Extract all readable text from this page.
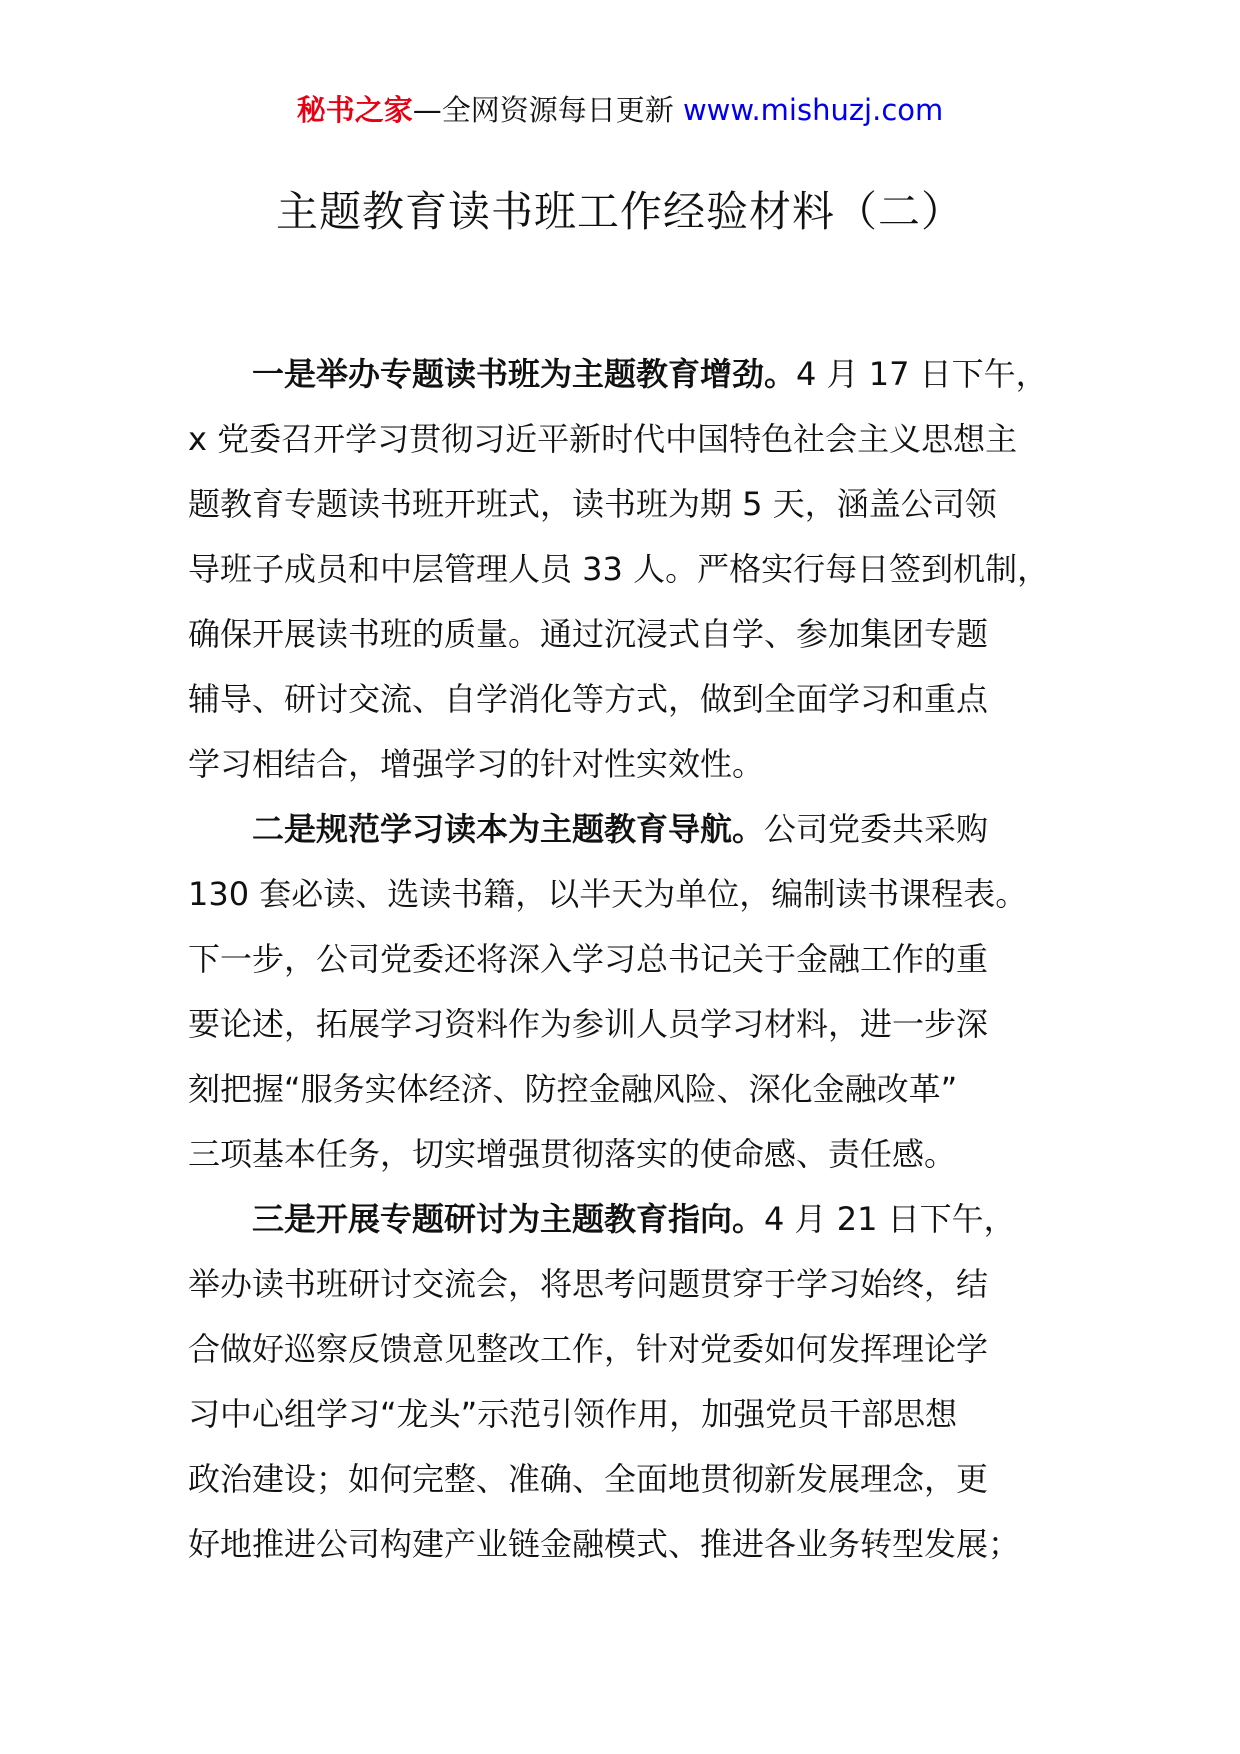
秘书之家—全网资源每日更新 www.mishuzj.com
主题教育读书班工作经验材料（二）
一是举办专题读书班为主题教育增劲。4 月 17 日下午，
x 党委召开学习贯彻习近平新时代中国特色社会主义思想主
题教育专题读书班开班式，读书班为期 5 天，涵盖公司领
导班子成员和中层管理人员 33 人。严格实行每日签到机制，
确保开展读书班的质量。通过沉浸式自学、参加集团专题
辅导、研讨交流、自学消化等方式，做到全面学习和重点
学习相结合，增强学习的针对性实效性。
二是规范学习读本为主题教育导航。公司党委共采购
130 套必读、选读书籍，以半天为单位，编制读书课程表。
下一步，公司党委还将深入学习总书记关于金融工作的重
要论述，拓展学习资料作为参训人员学习材料，进一步深
刻把握“服务实体经济、防控金融风险、深化金融改革”
三项基本任务，切实增强贯彻落实的使命感、责任感。
三是开展专题研讨为主题教育指向。4 月 21 日下午，
举办读书班研讨交流会，将思考问题贯穿于学习始终，结
合做好巡察反馈意见整改工作，针对党委如何发挥理论学
习中心组学习“龙头”示范引领作用，加强党员干部思想
政治建设；如何完整、准确、全面地贯彻新发展理念，更
好地推进公司构建产业链金融模式、推进各业务转型发展；
